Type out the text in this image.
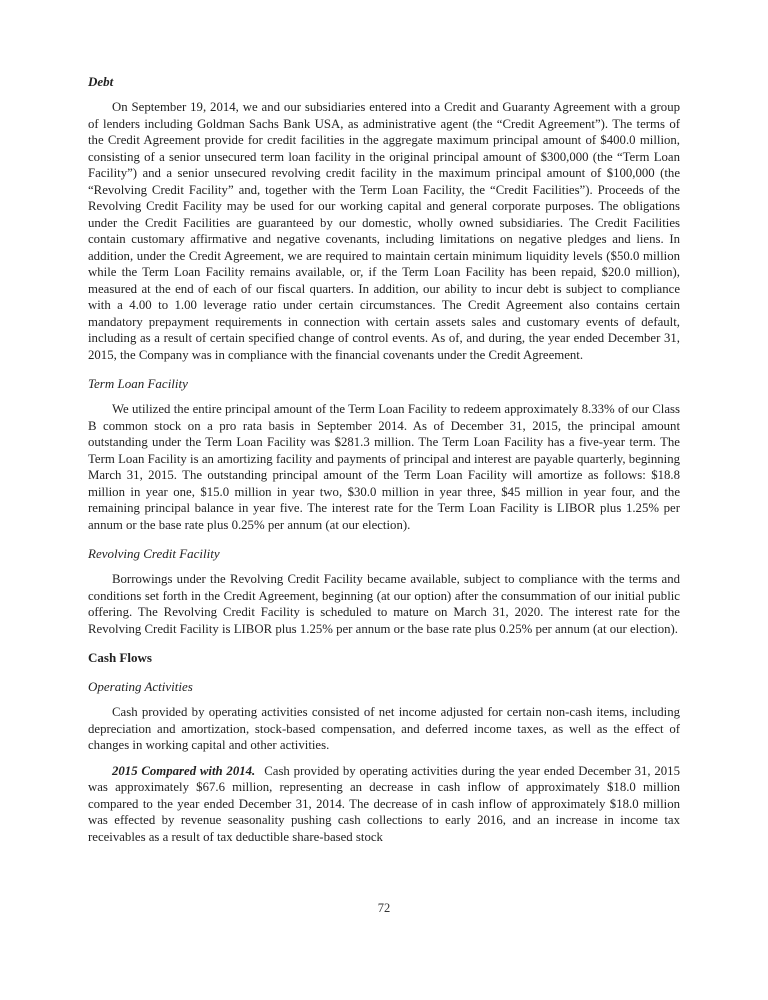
Debt

On September 19, 2014, we and our subsidiaries entered into a Credit and Guaranty Agreement with a group of lenders including Goldman Sachs Bank USA, as administrative agent (the “Credit Agreement”). The terms of the Credit Agreement provide for credit facilities in the aggregate maximum principal amount of $400.0 million, consisting of a senior unsecured term loan facility in the original principal amount of $300,000 (the “Term Loan Facility”) and a senior unsecured revolving credit facility in the maximum principal amount of $100,000 (the “Revolving Credit Facility” and, together with the Term Loan Facility, the “Credit Facilities”). Proceeds of the Revolving Credit Facility may be used for our working capital and general corporate purposes. The obligations under the Credit Facilities are guaranteed by our domestic, wholly owned subsidiaries. The Credit Facilities contain customary affirmative and negative covenants, including limitations on negative pledges and liens. In addition, under the Credit Agreement, we are required to maintain certain minimum liquidity levels ($50.0 million while the Term Loan Facility remains available, or, if the Term Loan Facility has been repaid, $20.0 million), measured at the end of each of our fiscal quarters. In addition, our ability to incur debt is subject to compliance with a 4.00 to 1.00 leverage ratio under certain circumstances. The Credit Agreement also contains certain mandatory prepayment requirements in connection with certain assets sales and customary events of default, including as a result of certain specified change of control events. As of, and during, the year ended December 31, 2015, the Company was in compliance with the financial covenants under the Credit Agreement.

Term Loan Facility

We utilized the entire principal amount of the Term Loan Facility to redeem approximately 8.33% of our Class B common stock on a pro rata basis in September 2014. As of December 31, 2015, the principal amount outstanding under the Term Loan Facility was $281.3 million. The Term Loan Facility has a five-year term. The Term Loan Facility is an amortizing facility and payments of principal and interest are payable quarterly, beginning March 31, 2015. The outstanding principal amount of the Term Loan Facility will amortize as follows: $18.8 million in year one, $15.0 million in year two, $30.0 million in year three, $45 million in year four, and the remaining principal balance in year five. The interest rate for the Term Loan Facility is LIBOR plus 1.25% per annum or the base rate plus 0.25% per annum (at our election).

Revolving Credit Facility

Borrowings under the Revolving Credit Facility became available, subject to compliance with the terms and conditions set forth in the Credit Agreement, beginning (at our option) after the consummation of our initial public offering. The Revolving Credit Facility is scheduled to mature on March 31, 2020. The interest rate for the Revolving Credit Facility is LIBOR plus 1.25% per annum or the base rate plus 0.25% per annum (at our election).

Cash Flows
Operating Activities

Cash provided by operating activities consisted of net income adjusted for certain non-cash items, including depreciation and amortization, stock-based compensation, and deferred income taxes, as well as the effect of changes in working capital and other activities.

2015 Compared with 2014. Cash provided by operating activities during the year ended December 31, 2015 was approximately $67.6 million, representing an decrease in cash inflow of approximately $18.0 million compared to the year ended December 31, 2014. The decrease of in cash inflow of approximately $18.0 million was effected by revenue seasonality pushing cash collections to early 2016, and an increase in income tax receivables as a result of tax deductible share-based stock

72
